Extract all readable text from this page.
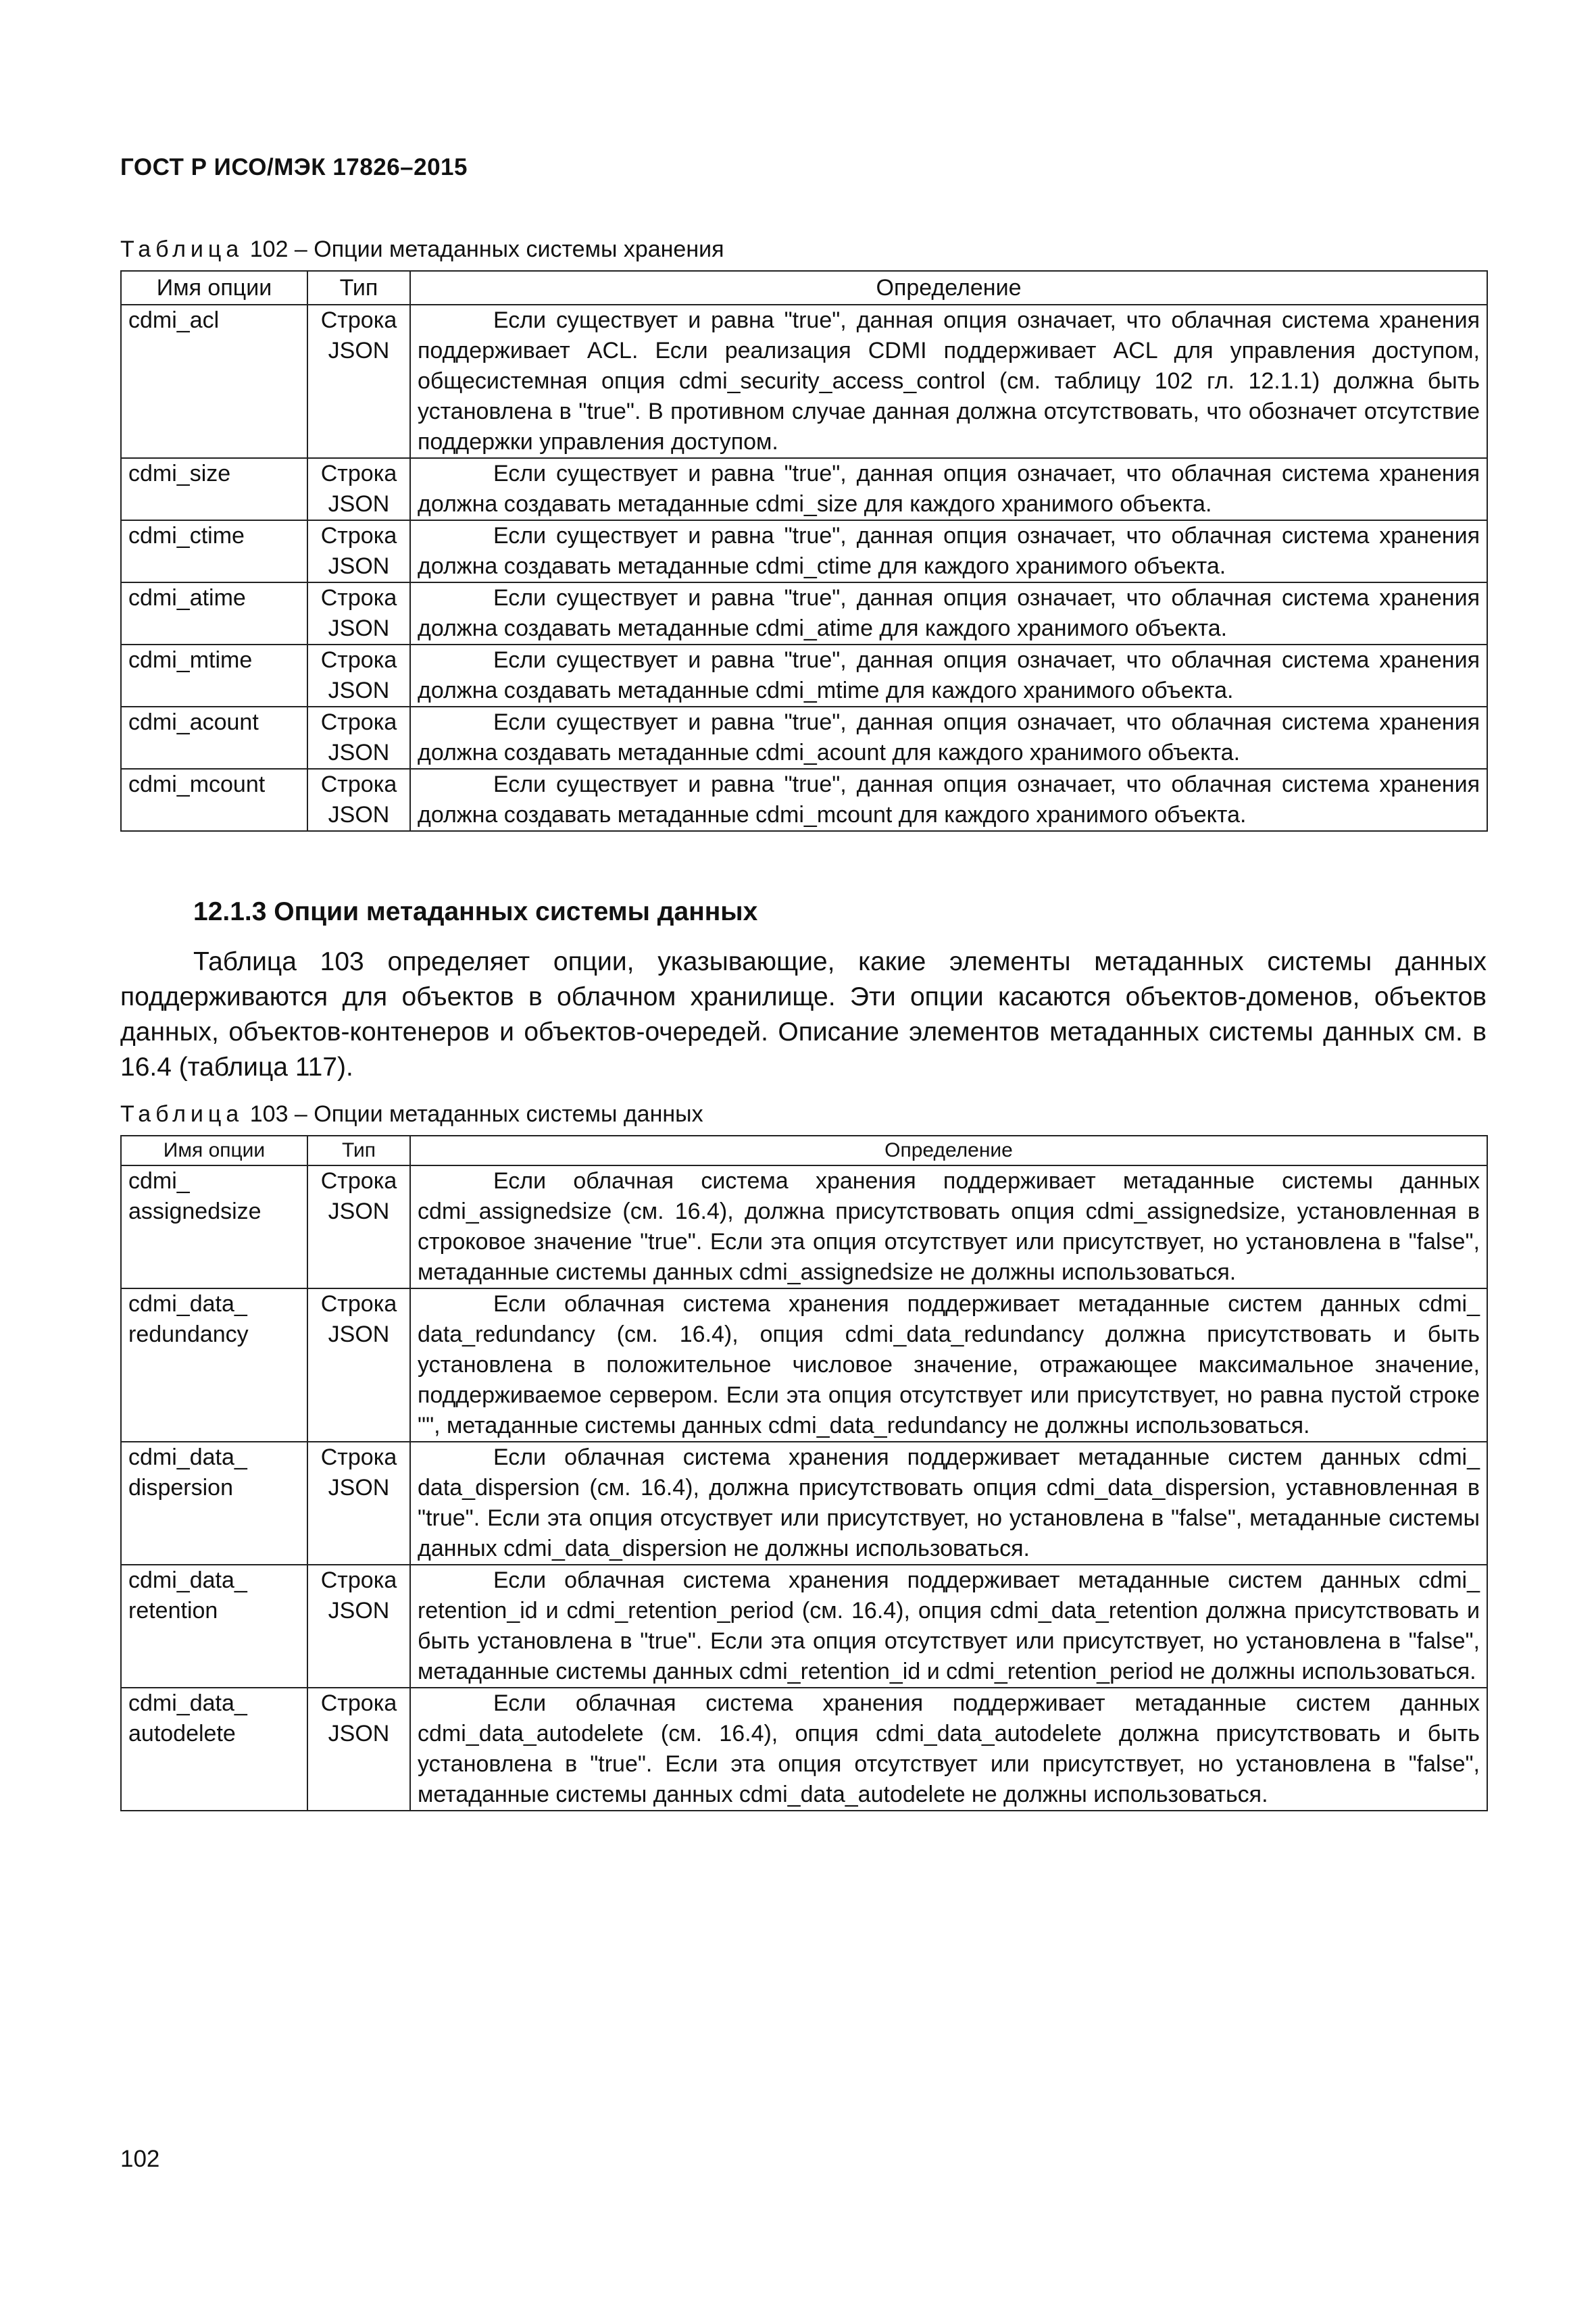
ГОСТ Р ИСО/МЭК 17826–2015
Таблица 102 – Опции метаданных системы хранения
Имя опции	Тип	Определение
cdmi_acl	Строка JSON	Если существует и равна "true", данная опция означает, что облачная система хранения поддерживает ACL. Если реализация CDMI поддерживает ACL для управления доступом, общесистемная опция cdmi_security_access_control (см. таблицу 102 гл. 12.1.1) должна быть установлена в "true". В противном случае данная должна отсутствовать, что обозначет отсутствие поддержки управления доступом.
cdmi_size	Строка JSON	Если существует и равна "true", данная опция означает, что облачная система хранения должна создавать метаданные cdmi_size для каждого хранимого объекта.
cdmi_ctime	Строка JSON	Если существует и равна "true", данная опция означает, что облачная система хранения должна создавать метаданные cdmi_ctime для каждого хранимого объекта.
cdmi_atime	Строка JSON	Если существует и равна "true", данная опция означает, что облачная система хранения должна создавать метаданные cdmi_atime для каждого хранимого объекта.
cdmi_mtime	Строка JSON	Если существует и равна "true", данная опция означает, что облачная система хранения должна создавать метаданные cdmi_mtime для каждого хранимого объекта.
cdmi_acount	Строка JSON	Если существует и равна "true", данная опция означает, что облачная система хранения должна создавать метаданные cdmi_acount для каждого хранимого объекта.
cdmi_mcount	Строка JSON	Если существует и равна "true", данная опция означает, что облачная система хранения должна создавать метаданные cdmi_mcount для каждого хранимого объекта.
12.1.3 Опции метаданных системы данных
Таблица 103 определяет опции, указывающие, какие элементы метаданных системы данных поддерживаются для объектов в облачном хранилище. Эти опции касаются объектов-доменов, объектов данных, объектов-контенеров и объектов-очередей. Описание элементов метаданных системы данных см. в 16.4 (таблица 117).
Таблица 103 – Опции метаданных системы данных
Имя опции	Тип	Определение
cdmi_ assignedsize	Строка JSON	Если облачная система хранения поддерживает метаданные системы данных cdmi_assignedsize (см. 16.4), должна присутствовать опция cdmi_assignedsize, установленная в строковое значение "true". Если эта опция отсутствует или присутствует, но установлена в "false", метаданные системы данных cdmi_assignedsize не должны использоваться.
cdmi_data_ redundancy	Строка JSON	Если облачная система хранения поддерживает метаданные систем данных cdmi_ data_redundancy (см. 16.4), опция cdmi_data_redundancy должна присутствовать и быть установлена в положительное числовое значение, отражающее максимальное значение, поддерживаемое сервером. Если эта опция отсутствует или присутствует, но равна пустой строке "", метаданные системы данных cdmi_data_redundancy не должны использоваться.
cdmi_data_ dispersion	Строка JSON	Если облачная система хранения поддерживает метаданные систем данных cdmi_ data_dispersion (см. 16.4), должна присутствовать опция cdmi_data_dispersion, уставновленная в "true". Если эта опция отсуствует или присутствует, но установлена в "false", метаданные системы данных cdmi_data_dispersion не должны использоваться.
cdmi_data_ retention	Строка JSON	Если облачная система хранения поддерживает метаданные систем данных cdmi_ retention_id и cdmi_retention_period (см. 16.4), опция cdmi_data_retention должна присутствовать и быть установлена в "true". Если эта опция отсутствует или присутствует, но установлена в "false", метаданные системы данных cdmi_retention_id и cdmi_retention_period не должны использоваться.
cdmi_data_ autodelete	Строка JSON	Если облачная система хранения поддерживает метаданные систем данных cdmi_data_autodelete (см. 16.4), опция cdmi_data_autodelete должна присутствовать и быть установлена в "true". Если эта опция отсутствует или присутствует, но установлена в "false", метаданные системы данных cdmi_data_autodelete не должны использоваться.
102
